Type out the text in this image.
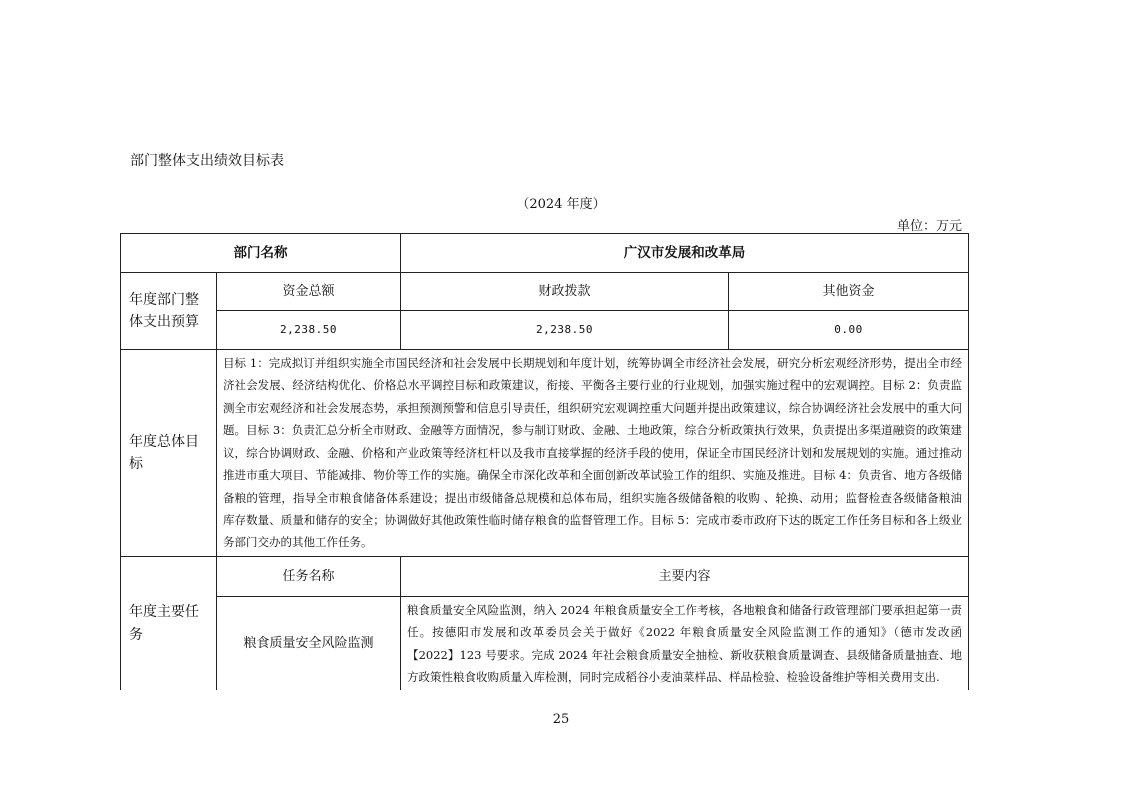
部门整体支出绩效目标表
（2024 年度）
单位：万元
部门名称		广汉市发展和改革局	
年度部门整体支出预算	资金总额	财政拨款	其他资金
	2,238.50	2,238.50	0.00
年度总体目标	目标 1：完成拟订并组织实施全市国民经济和社会发展中长期规划和年度计划，统筹协调全市经济社会发展，研究分析宏观经济形势，提出全市经济社会发展、经济结构优化、价格总水平调控目标和政策建议，衔接、平衡各主要行业的行业规划，加强实施过程中的宏观调控。目标 2：负责监测全市宏观经济和社会发展态势，承担预测预警和信息引导责任，组织研究宏观调控重大问题并提出政策建议，综合协调经济社会发展中的重大问题。目标 3：负责汇总分析全市财政、金融等方面情况，参与制订财政、金融、土地政策，综合分析政策执行效果，负责提出多渠道融资的政策建议，综合协调财政、金融、价格和产业政策等经济杠杆以及我市直接掌握的经济手段的使用，保证全市国民经济计划和发展规划的实施。通过推动推进市重大项目、节能减排、物价等工作的实施。确保全市深化改革和全面创新改革试验工作的组织、实施及推进。目标 4：负责省、地方各级储备粮的管理，指导全市粮食储备体系建设；提出市级储备总规模和总体布局，组织实施各级储备粮的收购 、轮换、动用；监督检查各级储备粮油库存数量、质量和储存的安全；协调做好其他政策性临时储存粮食的监督管理工作。目标 5：完成市委市政府下达的既定工作任务目标和各上级业务部门交办的其他工作任务。		
年度主要任务	任务名称	主要内容	
	粮食质量安全风险监测	粮食质量安全风险监测，纳入 2024 年粮食质量安全工作考核，各地粮食和储备行政管理部门要承担起第一责任。按德阳市发展和改革委员会关于做好《2022 年粮食质量安全风险监测工作的通知》（德市发改函【2022】123 号要求。完成 2024 年社会粮食质量安全抽检、新收获粮食质量调查、县级储备质量抽查、地方政策性粮食收购质量入库检测，同时完成稻谷小麦油菜样品、样品检验、检验设备维护等相关费用支出.	
25
